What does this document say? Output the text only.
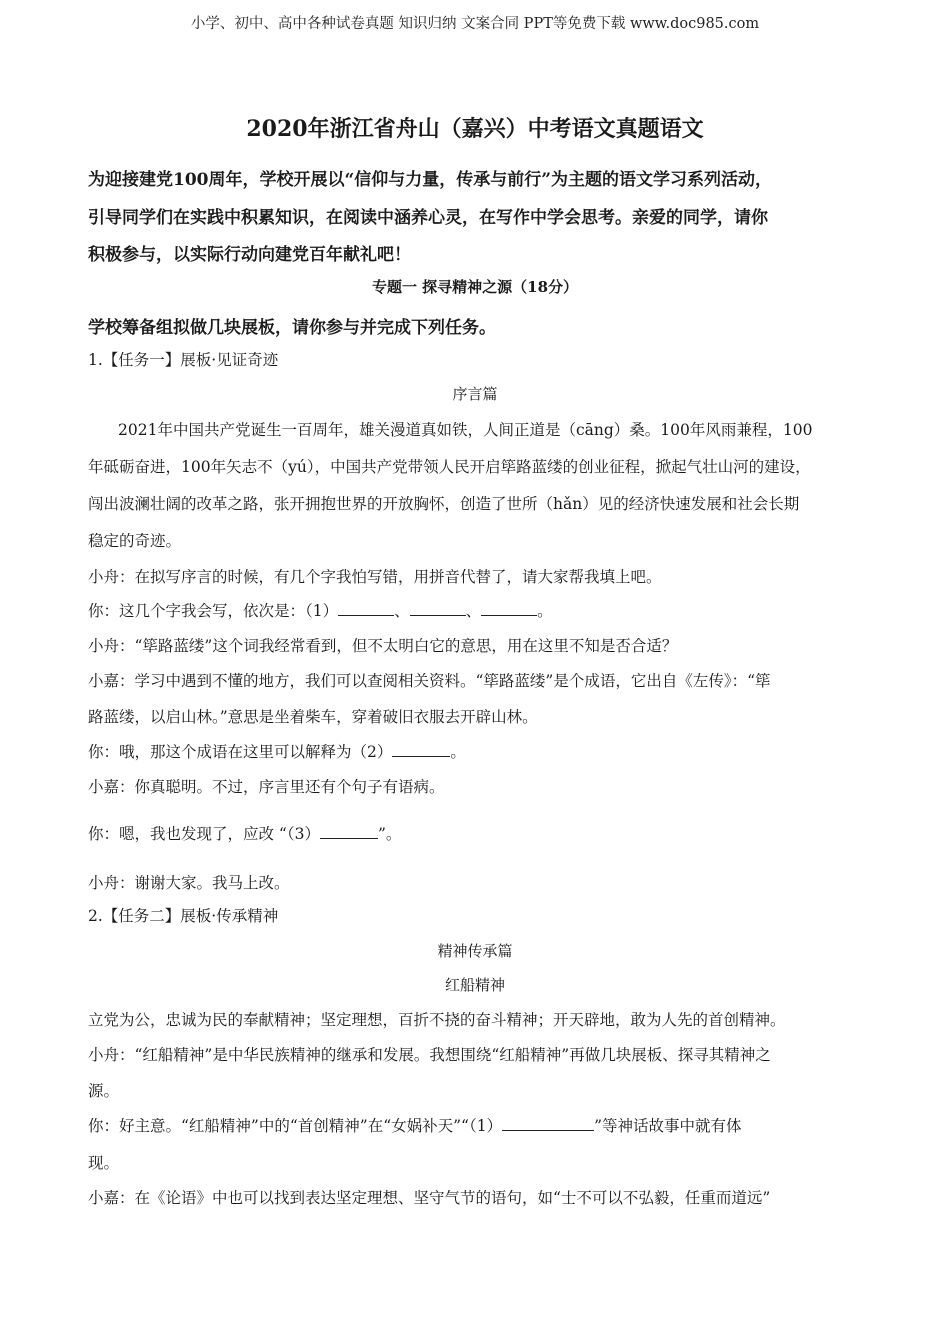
小学、初中、高中各种试卷真题 知识归纳 文案合同 PPT等免费下载 www.doc985.com
2020年浙江省舟山（嘉兴）中考语文真题语文
为迎接建党100周年，学校开展以“信仰与力量，传承与前行”为主题的语文学习系列活动，
引导同学们在实践中积累知识，在阅读中涵养心灵，在写作中学会思考。亲爱的同学，请你
积极参与，以实际行动向建党百年献礼吧！
专题一 探寻精神之源（18分）
学校筹备组拟做几块展板，请你参与并完成下列任务。
1.【任务一】展板·见证奇迹
序言篇
2021年中国共产党诞生一百周年，雄关漫道真如铁，人间正道是（cāng）桑。100年风雨兼程，100
年砥砺奋进，100年矢志不（yú），中国共产党带领人民开启筚路蓝缕的创业征程，掀起气壮山河的建设，
闯出波澜壮阔的改革之路，张开拥抱世界的开放胸怀，创造了世所（hǎn）见的经济快速发展和社会长期
稳定的奇迹。
小舟：在拟写序言的时候，有几个字我怕写错，用拼音代替了，请大家帮我填上吧。
你：这几个字我会写，依次是：（1）	、	、	。
小舟：“筚路蓝缕”这个词我经常看到，但不太明白它的意思，用在这里不知是否合适？
小嘉：学习中遇到不懂的地方，我们可以查阅相关资料。“筚路蓝缕”是个成语，它出自《左传》：“筚
路蓝缕，以启山林。”意思是坐着柴车，穿着破旧衣服去开辟山林。
你：哦，那这个成语在这里可以解释为（2）	。
小嘉：你真聪明。不过，序言里还有个句子有语病。
你：嗯，我也发现了，应改 “（3）	”。
小舟：谢谢大家。我马上改。
2.【任务二】展板·传承精神
精神传承篇
红船精神
立党为公，忠诚为民的奉献精神；坚定理想，百折不挠的奋斗精神；开天辟地，敢为人先的首创精神。
小舟：“红船精神”是中华民族精神的继承和发展。我想围绕“红船精神”再做几块展板、探寻其精神之
源。
你：好主意。“红船精神”中的“首创精神”在“女娲补天”“（1）	”等神话故事中就有体
现。
小嘉：在《论语》中也可以找到表达坚定理想、坚守气节的语句，如“士不可以不弘毅，任重而道远”
